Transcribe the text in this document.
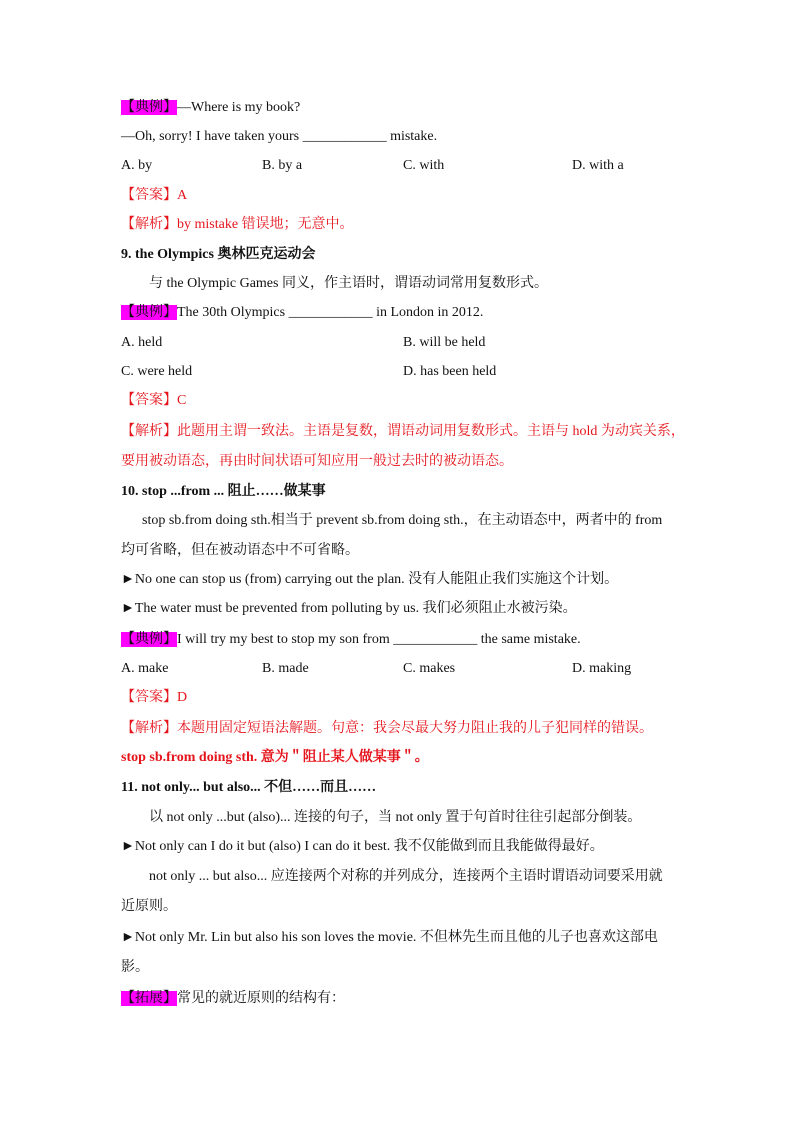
【典例】—Where is my book?
—Oh, sorry! I have taken yours ____________ mistake.
A. by	B. by a	C. with	D. with a
【答案】A
【解析】by mistake 错误地；无意中。
9. the Olympics 奥林匹克运动会
与 the Olympic Games 同义，作主语时，谓语动词常用复数形式。
【典例】The 30th Olympics ____________ in London in 2012.
A. held	B. will be held
C. were held	D. has been held
【答案】C
【解析】此题用主谓一致法。主语是复数，谓语动词用复数形式。主语与 hold 为动宾关系，
要用被动语态，再由时间状语可知应用一般过去时的被动语态。
10. stop ...from ... 阻止……做某事
stop sb.from doing sth.相当于 prevent sb.from doing sth.，在主动语态中，两者中的 from
均可省略，但在被动语态中不可省略。
►No one can stop us (from) carrying out the plan. 没有人能阻止我们实施这个计划。
►The water must be prevented from polluting by us. 我们必须阻止水被污染。
【典例】I will try my best to stop my son from ____________ the same mistake.
A. make	B. made	C. makes	D. making
【答案】D
【解析】本题用固定短语法解题。句意：我会尽最大努力阻止我的儿子犯同样的错误。
stop sb.from doing sth. 意为＂阻止某人做某事＂。
11. not only... but also... 不但……而且……
以 not only ...but (also)... 连接的句子，当 not only 置于句首时往往引起部分倒装。
►Not only can I do it but (also) I can do it best. 我不仅能做到而且我能做得最好。
not only ... but also... 应连接两个对称的并列成分，连接两个主语时谓语动词要采用就
近原则。
►Not only Mr. Lin but also his son loves the movie. 不但林先生而且他的儿子也喜欢这部电
影。
【拓展】常见的就近原则的结构有：
